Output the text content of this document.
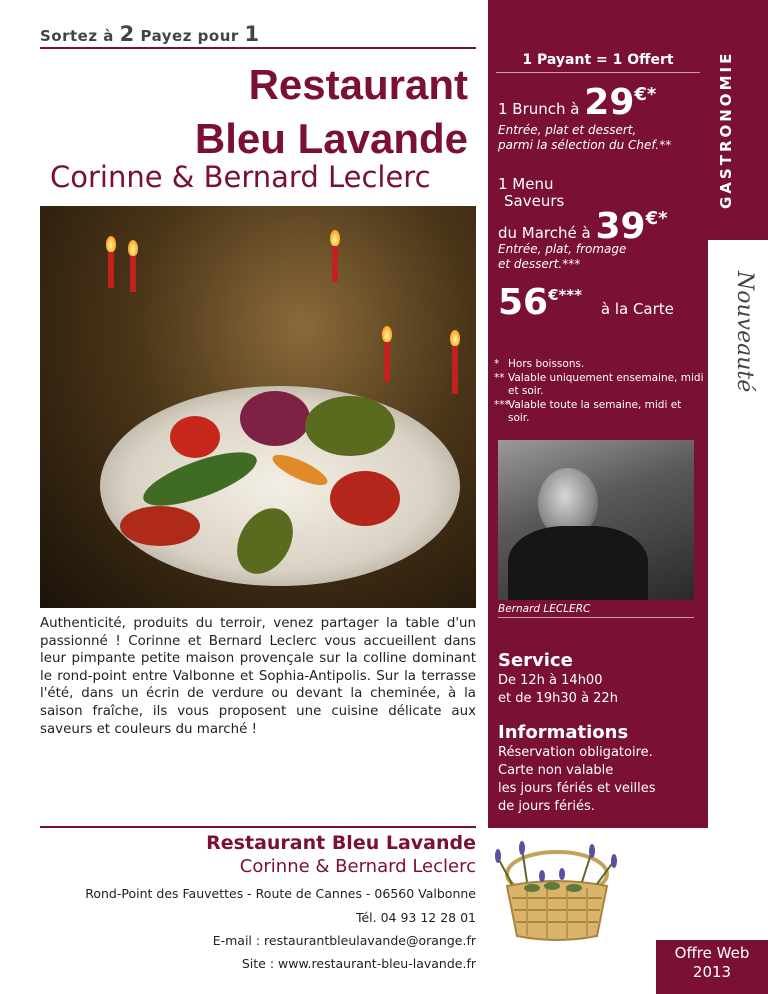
Sortez à 2 Payez pour 1
Restaurant
Bleu Lavande
Corinne & Bernard Leclerc
Authenticité, produits du terroir, venez partager la table d'un passionné ! Corinne et Bernard Leclerc vous accueillent dans leur pimpante petite maison provençale sur la colline dominant le rond-point entre Valbonne et Sophia-Antipolis. Sur la terrasse l'été, dans un écrin de verdure ou devant la cheminée, à la saison fraîche, ils vous proposent une cuisine délicate aux saveurs et couleurs du marché !
GASTRONOMIE
Nouveauté
1 Payant = 1 Offert
1 Brunch à 29€*
Entrée, plat et dessert,
parmi la sélection du Chef.**
1 Menu
Saveurs
du Marché à 39€*
Entrée, plat, fromage
et dessert.***
56€*** à la Carte
* Hors boissons.
** Valable uniquement ensemaine, midi et soir.
***
Valable toute la semaine, midi et soir.
Bernard LECLERC
Service
De 12h à 14h00
et de 19h30 à 22h
Informations
Réservation obligatoire.
Carte non valable
les jours fériés et veilles
de jours fériés.
Restaurant Bleu Lavande
Corinne & Bernard Leclerc
Rond-Point des Fauvettes - Route de Cannes - 06560 Valbonne
Tél. 04 93 12 28 01
E-mail : restaurantbleulavande@orange.fr
Site : www.restaurant-bleu-lavande.fr
Offre Web
2013
